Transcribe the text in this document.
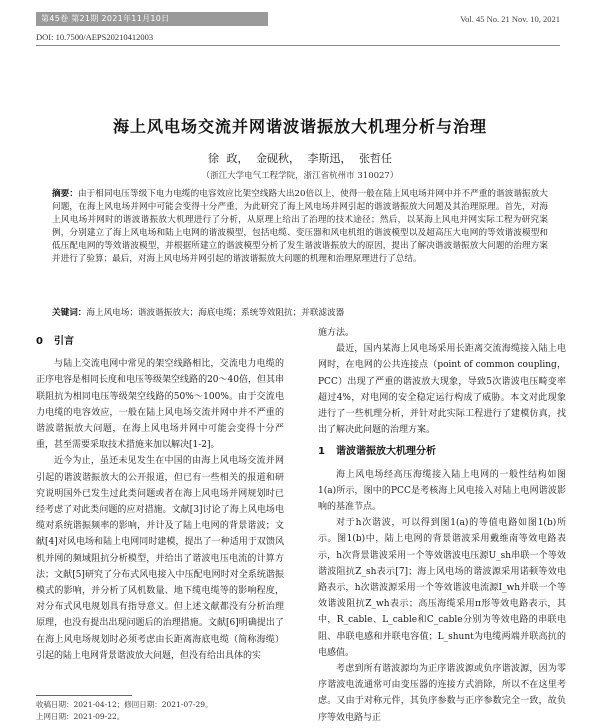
第45卷 第21期 2021年11月10日	Vol. 45 No. 21 Nov. 10, 2021
DOI: 10.7500/AEPS20210412003
海上风电场交流并网谐波谐振放大机理分析与治理
徐 政， 金砚秋， 李斯迅， 张哲任
（浙江大学电气工程学院，浙江省杭州市 310027）
摘要：由于相同电压等级下电力电缆的电容效应比架空线路大出20倍以上，使得一般在陆上风电场并网中并不严重的谐波谐振放大问题，在海上风电场并网中可能会变得十分严重，为此研究了海上风电场并网引起的谐波谐振放大问题及其治理原理。首先，对海上风电场并网时的谐波谐振放大机理进行了分析，从原理上给出了治理的技术途径；然后，以某海上风电并网实际工程为研究案例，分别建立了海上风电场和陆上电网的谐波模型，包括电缆、变压器和风电机组的谐波模型以及超高压大电网的等效谐波模型和低压配电网的等效谐波模型，并根据所建立的谐波模型分析了发生谐波谐振放大的原因，提出了解决谐波谐振放大问题的治理方案并进行了验算；最后，对海上风电场并网引起的谐波谐振放大问题的机理和治理原理进行了总结。
关键词：海上风电场；谐波谐振放大；海底电缆；系统等效阻抗；并联滤波器
0 引言

与陆上交流电网中常见的架空线路相比，交流电力电缆的正序电容是相同长度和电压等级架空线路的20～40倍，但其串联阻抗为相同电压等级架空线路的50%～100%。由于交流电力电缆的电容效应，一般在陆上风电场交流并网中并不严重的谐波谐振放大问题，在海上风电场并网中可能会变得十分严重，甚至需要采取技术措施来加以解决[1-2]。

近今为止，虽还未见发生在中国的由海上风电场交流并网引起的谐波谐振放大的公开报道，但已有一些相关的报道和研究说明国外已发生过此类问题或者在海上风电场并网规划时已经考虑了对此类问题的应对措施。文献[3]讨论了海上风电场电缆对系统谐振频率的影响，并计及了陆上电网的背景谐波；文献[4]对风电场和陆上电网同时建模，提出了一种适用于双馈风机并网的频域阻抗分析模型，并给出了谐波电压电流的计算方法；文献[5]研究了分布式风电接入中压配电网时对全系统谐振模式的影响，并分析了风机数量、地下缆电缆等的影响程度，对分布式风电规划具有指导意义。但上述文献都没有分析治理原理，也没有提出出现问题后的治理措施。文献[6]明确提出了在海上风电场规划时必须考虑由长距离海底电缆（简称海缆）引起的陆上电网背景谐波放大问题，但没有给出具体的实

施方法。

最近，国内某海上风电场采用长距离交流海缆接入陆上电网时，在电网的公共连接点（point of common coupling，PCC）出现了严重的谐波放大现象，导致5次谐波电压畸变率超过4%，对电网的安全稳定运行构成了威胁。本文对此现象进行了一些机理分析，并针对此实际工程进行了建模仿真，找出了解决此问题的治理方案。

1 谐波谐振放大机理分析

海上风电场经高压海缆接入陆上电网的一般性结构如图1(a)所示，图中的PCC是考核海上风电接入对陆上电网谐波影响的基准节点。

对于h次谐波，可以得到图1(a)的等值电路如图1(b)所示。图1(b)中，陆上电网的背景谐波采用戴维南等效电路表示，h次背景谐波采用一个等效谐波电压源U_sh串联一个等效谐波阻抗Z_sh表示[7]；海上风电场的谐波源采用诺顿等效电路表示，h次谐波源采用一个等效谐波电流源I_wh并联一个等效谐波阻抗Z_wh表示；高压海缆采用π形等效电路表示，其中，R_cable、L_cable和C_cable分别为等效电路的串联电阻、串联电感和并联电容值；L_shunt为电缆两端并联高抗的电感值。

考虑到所有谐波源均为正序谐波源或负序谐波源，因为零序谐波电流通常可由变压器的连接方式消除，所以不在这里考虑。又由于对称元件，其负序参数与正序参数完全一致，故负序等效电路与正

收稿日期：2021-04-12；修回日期：2021-07-29。
上网日期：2021-09-22。
